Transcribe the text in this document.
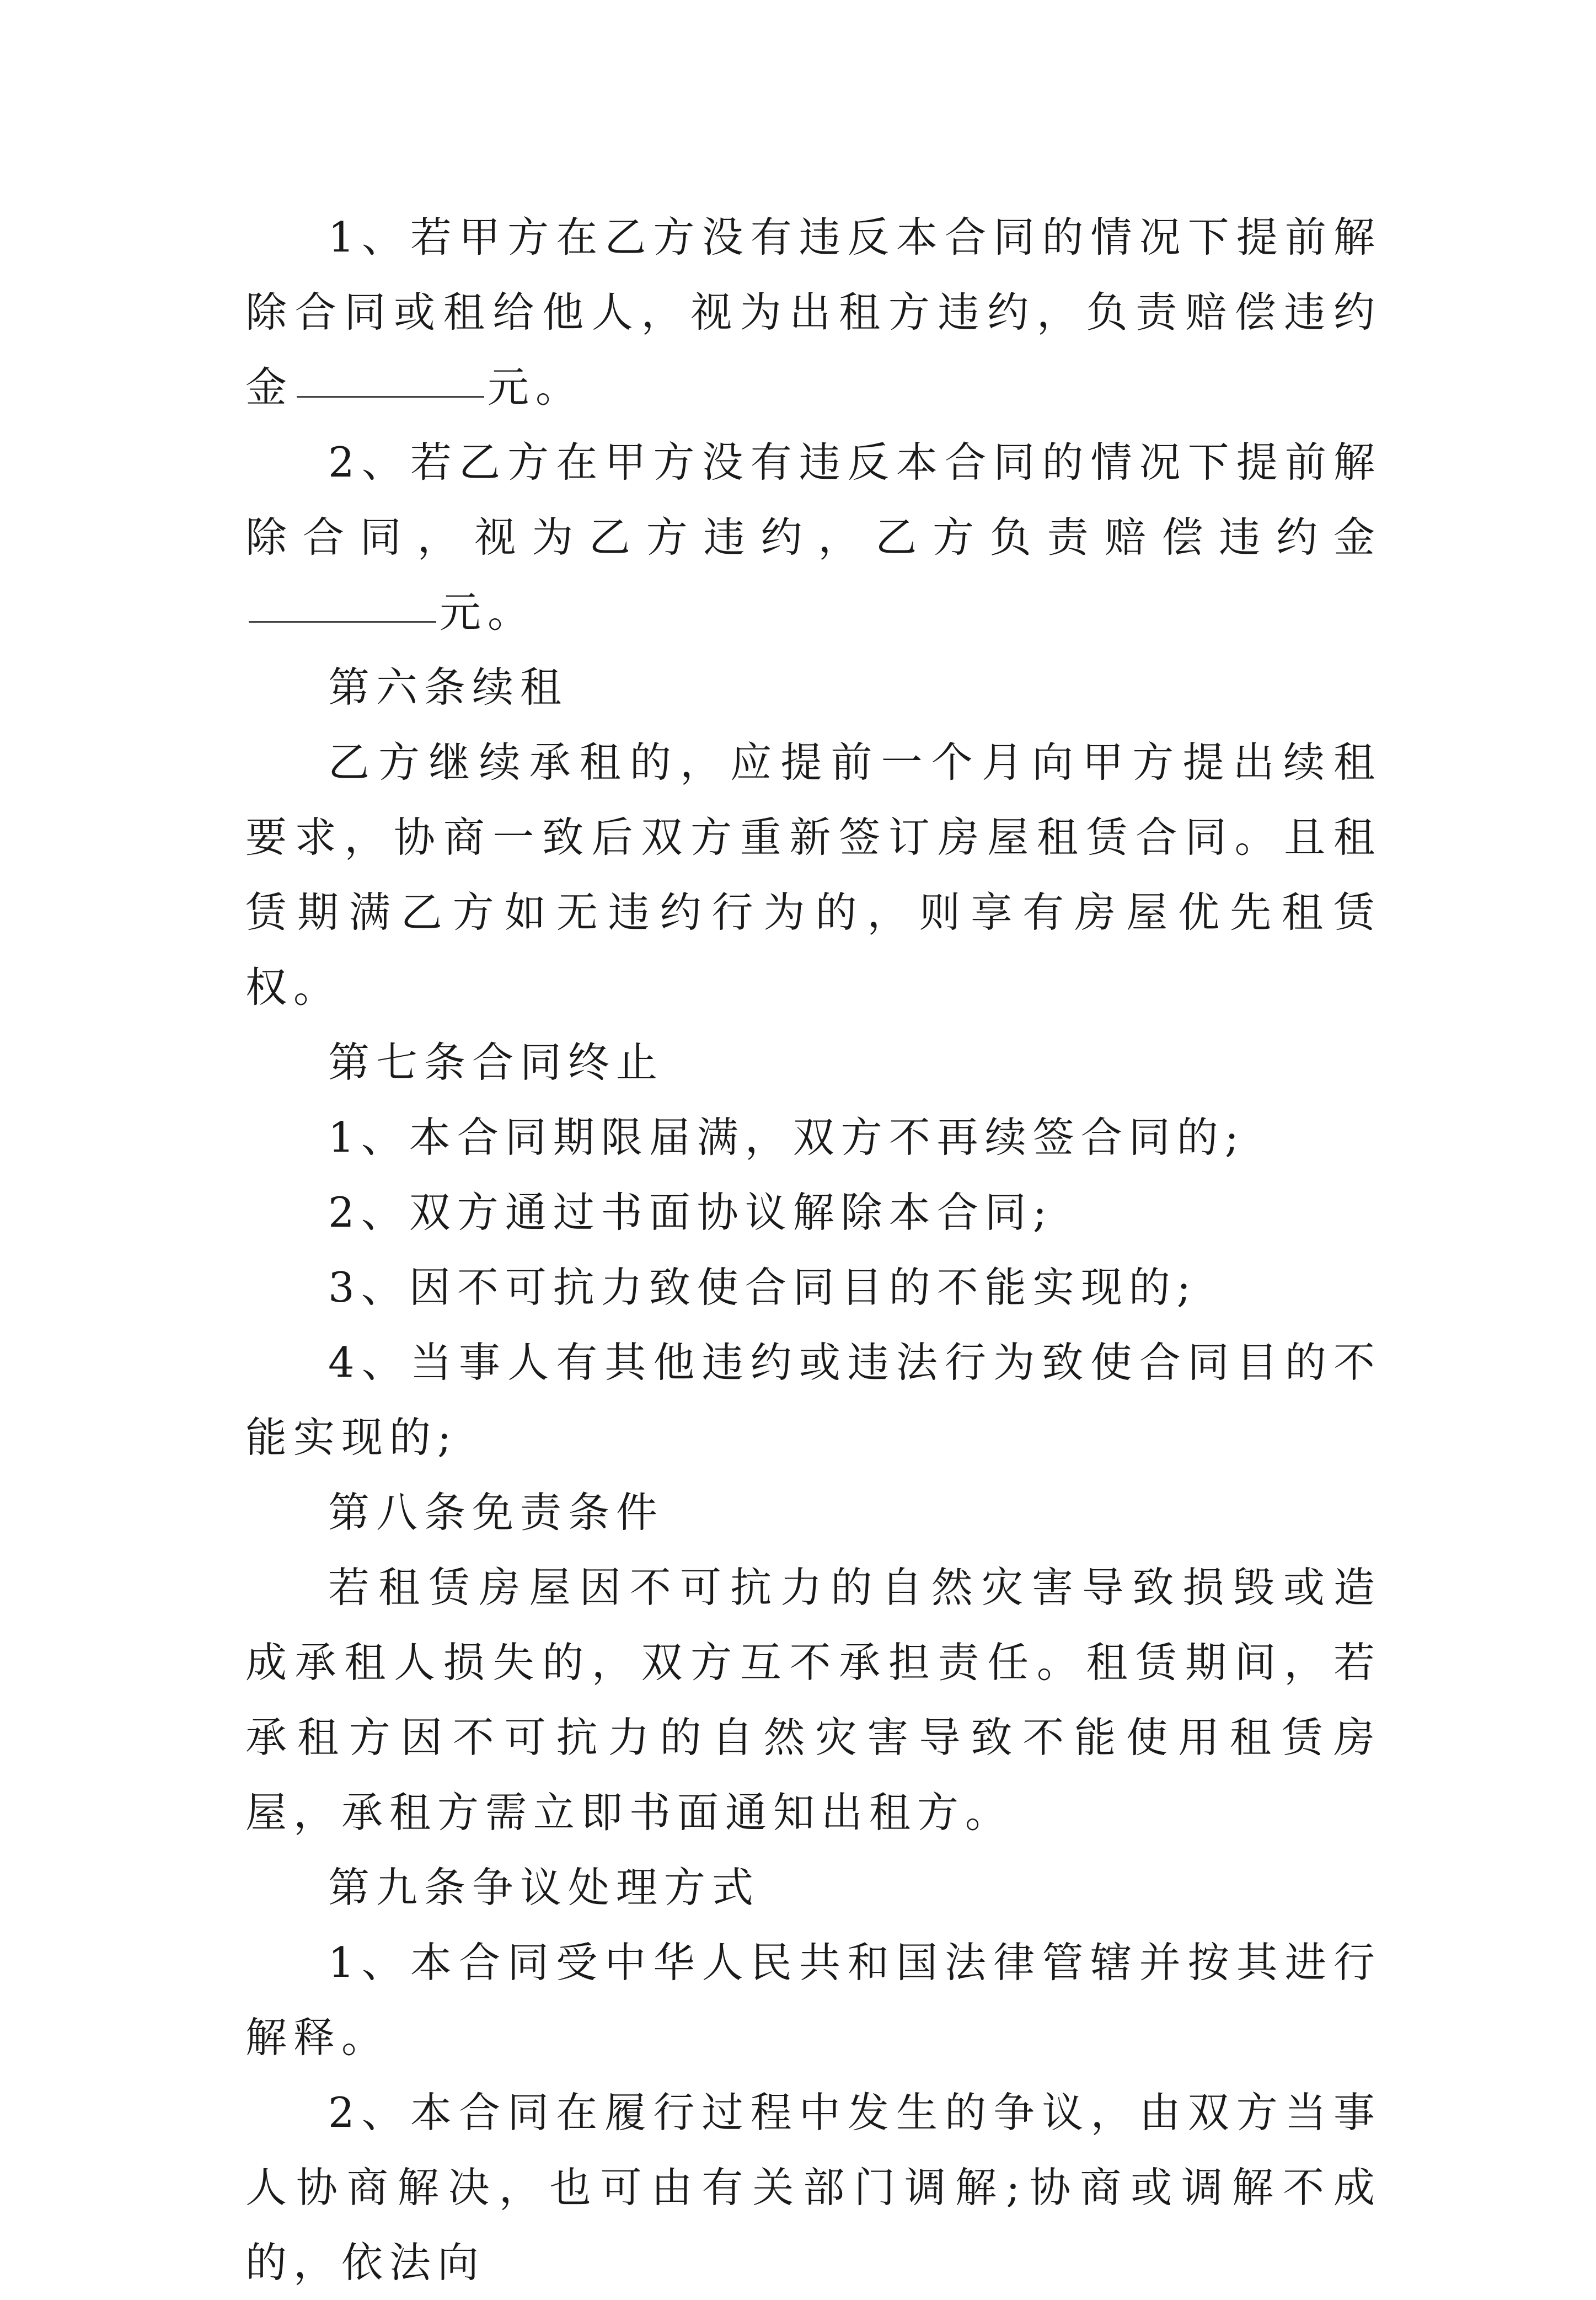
1、若甲方在乙方没有违反本合同的情况下提前解除合同或租给他人，视为出租方违约，负责赔偿违约金	元。

2、若乙方在甲方没有违反本合同的情况下提前解除合同，视为乙方违约，乙方负责赔偿违约金元。

第六条续租

乙方继续承租的，应提前一个月向甲方提出续租要求，协商一致后双方重新签订房屋租赁合同。且租赁期满乙方如无违约行为的，则享有房屋优先租赁权。

第七条合同终止

1、本合同期限届满，双方不再续签合同的;

2、双方通过书面协议解除本合同;

3、因不可抗力致使合同目的不能实现的;

4、当事人有其他违约或违法行为致使合同目的不能实现的;

第八条免责条件

若租赁房屋因不可抗力的自然灾害导致损毁或造成承租人损失的，双方互不承担责任。租赁期间，若承租方因不可抗力的自然灾害导致不能使用租赁房屋，承租方需立即书面通知出租方。

第九条争议处理方式

1、本合同受中华人民共和国法律管辖并按其进行解释。

2、本合同在履行过程中发生的争议，由双方当事人协商解决，也可由有关部门调解;协商或调解不成的，依法向
